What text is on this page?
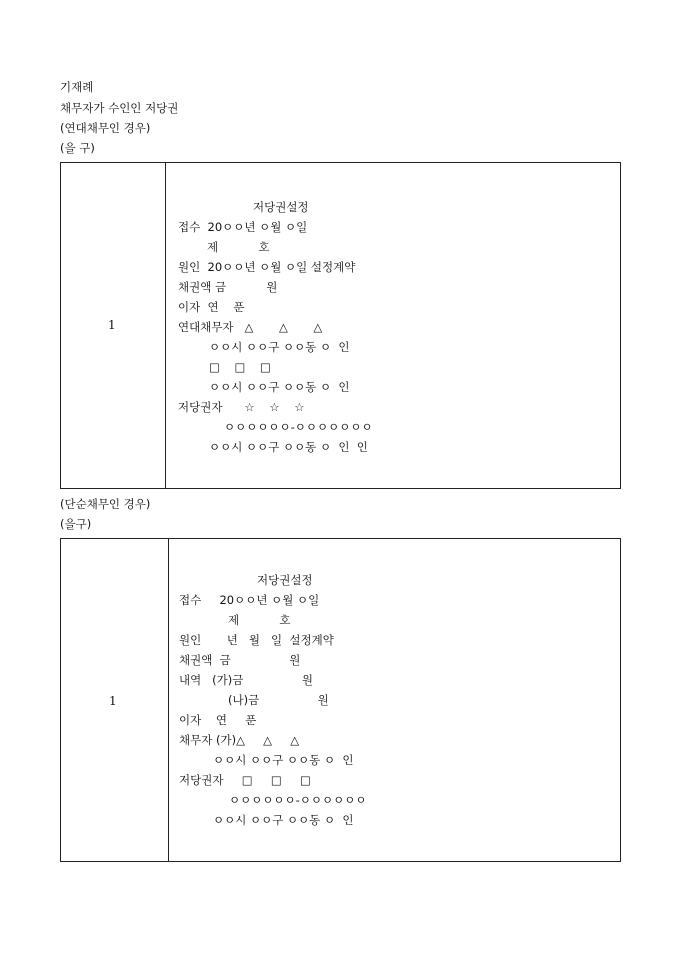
기재례
채무자가 수인인 저당권
(연대채무인 경우)
(을 구)
1
저당권설정
접수  20ㅇㅇ년 ㅇ월 ㅇ일
제           호
원인  20ㅇㅇ년 ㅇ월 ㅇ일 설정계약
채권액 금           원
이자  연    푼
연대채무자   △       △       △
ㅇㅇ시 ㅇㅇ구 ㅇㅇ동 ㅇ  인
□    □    □
ㅇㅇ시 ㅇㅇ구 ㅇㅇ동 ㅇ  인
저당권자      ☆    ☆    ☆
ㅇㅇㅇㅇㅇㅇ-ㅇㅇㅇㅇㅇㅇㅇ
ㅇㅇ시 ㅇㅇ구 ㅇㅇ동 ㅇ  인  인
(단순채무인 경우)
(을구)
1
저당권설정
접수     20ㅇㅇ년 ㅇ월 ㅇ일
제           호
원인       년   월   일  설정계약
채권액  금                원
내역   (가)금                원
(나)금                원
이자    연     푼
채무자 (가)△     △     △
ㅇㅇ시 ㅇㅇ구 ㅇㅇ동 ㅇ  인
저당권자     □     □     □
ㅇㅇㅇㅇㅇㅇ-ㅇㅇㅇㅇㅇㅇ
ㅇㅇ시 ㅇㅇ구 ㅇㅇ동 ㅇ  인
